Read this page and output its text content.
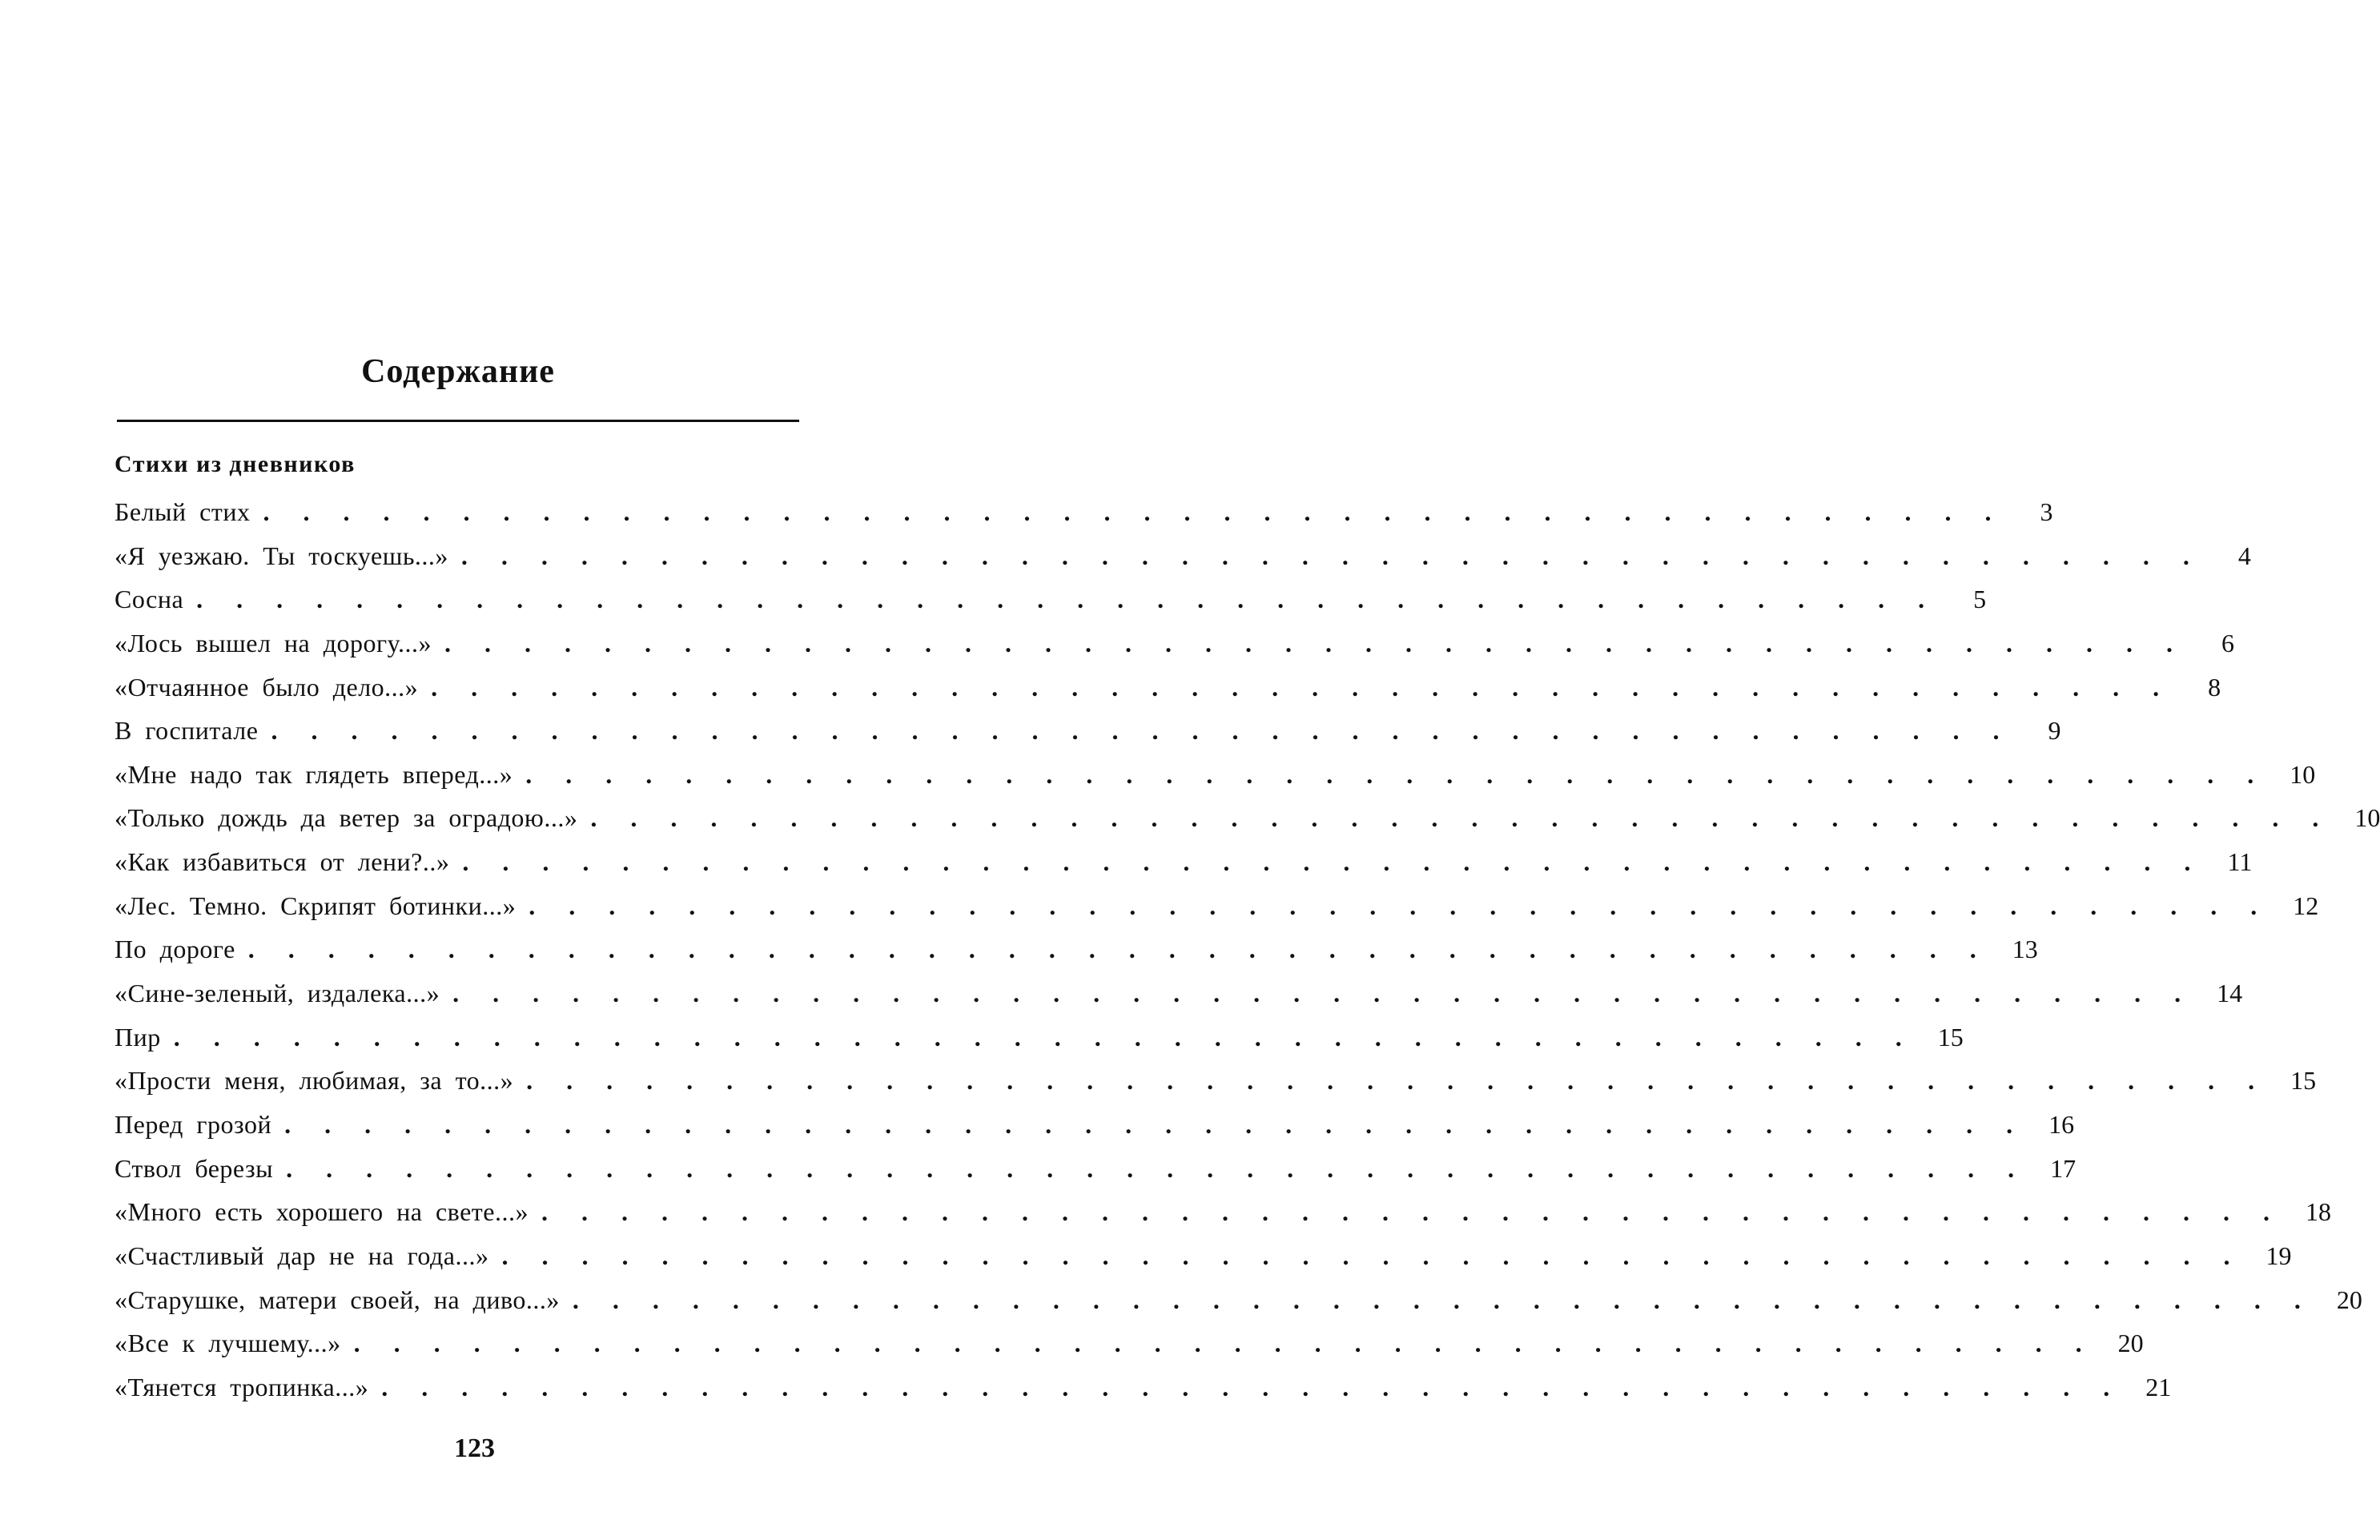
Содержание
Стихи из дневников
Белый стих . . . . . . . . . . . . . . . . . . . . . . . . . . . . . . . . . . . . . . . . . . . .	3
«Я уезжаю. Ты тоскуешь...» . . . . . . . . . . . . . . . . . . . . . . . . . . . . . . . . . . . . . . . . . . . .	4
Сосна . . . . . . . . . . . . . . . . . . . . . . . . . . . . . . . . . . . . . . . . . . . .	5
«Лось вышел на дорогу...» . . . . . . . . . . . . . . . . . . . . . . . . . . . . . . . . . . . . . . . . . . . .	6
«Отчаянное было дело...» . . . . . . . . . . . . . . . . . . . . . . . . . . . . . . . . . . . . . . . . . . . .	8
В госпитале . . . . . . . . . . . . . . . . . . . . . . . . . . . . . . . . . . . . . . . . . . . .	9
«Мне надо так глядеть вперед...» . . . . . . . . . . . . . . . . . . . . . . . . . . . . . . . . . . . . . . . . . . . . 10
«Только дождь да ветер за оградою...» . . . . . . . . . . . . . . . . . . . . . . . . . . . . . . . . . . . . . . . . . . . . 10
«Как избавиться от лени?..» . . . . . . . . . . . . . . . . . . . . . . . . . . . . . . . . . . . . . . . . . . . . 11
«Лес. Темно. Скрипят ботинки...» . . . . . . . . . . . . . . . . . . . . . . . . . . . . . . . . . . . . . . . . . . . . 12
По дороге . . . . . . . . . . . . . . . . . . . . . . . . . . . . . . . . . . . . . . . . . . . . 13
«Сине-зеленый, издалека...» . . . . . . . . . . . . . . . . . . . . . . . . . . . . . . . . . . . . . . . . . . . . 14
Пир . . . . . . . . . . . . . . . . . . . . . . . . . . . . . . . . . . . . . . . . . . . . 15
«Прости меня, любимая, за то...» . . . . . . . . . . . . . . . . . . . . . . . . . . . . . . . . . . . . . . . . . . . . 15
Перед грозой . . . . . . . . . . . . . . . . . . . . . . . . . . . . . . . . . . . . . . . . . . . . 16
Ствол березы . . . . . . . . . . . . . . . . . . . . . . . . . . . . . . . . . . . . . . . . . . . . 17
«Много есть хорошего на свете...» . . . . . . . . . . . . . . . . . . . . . . . . . . . . . . . . . . . . . . . . . . . . 18
«Счастливый дар не на года...» . . . . . . . . . . . . . . . . . . . . . . . . . . . . . . . . . . . . . . . . . . . . 19
«Старушке, матери своей, на диво...» . . . . . . . . . . . . . . . . . . . . . . . . . . . . . . . . . . . . . . . . . . . . 20
«Все к лучшему...» . . . . . . . . . . . . . . . . . . . . . . . . . . . . . . . . . . . . . . . . . . . . 20
«Тянется тропинка...» . . . . . . . . . . . . . . . . . . . . . . . . . . . . . . . . . . . . . . . . . . . . 21
123
